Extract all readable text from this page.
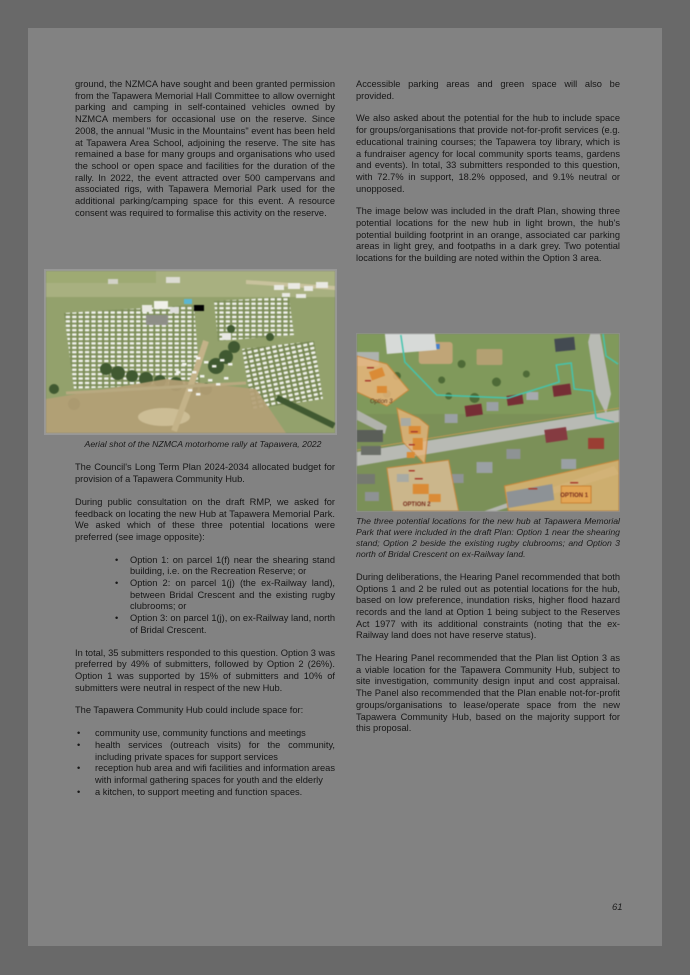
ground, the NZMCA have sought and been granted permission from the Tapawera Memorial Hall Committee to allow overnight parking and camping in self-contained vehicles owned by NZMCA members for occasional use on the reserve. Since 2008, the annual "Music in the Mountains" event has been held at Tapawera Area School, adjoining the reserve. The site has remained a base for many groups and organisations who used the school or open space and facilities for the duration of the rally. In 2022, the event attracted over 500 campervans and associated rigs, with Tapawera Memorial Park used for the additional parking/camping space for this event. A resource consent was required to formalise this activity on the reserve.

Aerial shot of the NZMCA motorhome rally at Tapawera, 2022

The Council's Long Term Plan 2024-2034 allocated budget for provision of a Tapawera Community Hub.

During public consultation on the draft RMP, we asked for feedback on locating the new Hub at Tapawera Memorial Park. We asked which of these three potential locations were preferred (see image opposite):

• Option 1: on parcel 1(f) near the shearing stand building, i.e. on the Recreation Reserve; or
• Option 2: on parcel 1(j) (the ex-Railway land), between Bridal Crescent and the existing rugby clubrooms; or
• Option 3: on parcel 1(j), on ex-Railway land, north of Bridal Crescent.

In total, 35 submitters responded to this question. Option 3 was preferred by 49% of submitters, followed by Option 2 (26%). Option 1 was supported by 15% of submitters and 10% of submitters were neutral in respect of the new Hub.

The Tapawera Community Hub could include space for:

• community use, community functions and meetings
• health services (outreach visits) for the community, including private spaces for support services
• reception hub area and wifi facilities and information areas with informal gathering spaces for youth and the elderly
• a kitchen, to support meeting and function spaces.

Accessible parking areas and green space will also be provided.

We also asked about the potential for the hub to include space for groups/organisations that provide not-for-profit services (e.g. educational training courses; the Tapawera toy library, which is a fundraiser agency for local community sports teams, gardens and events). In total, 33 submitters responded to this question, with 72.7% in support, 18.2% opposed, and 9.1% neutral or unopposed.

The image below was included in the draft Plan, showing three potential locations for the new hub in light brown, the hub's potential building footprint in an orange, associated car parking areas in light grey, and footpaths in a dark grey. Two potential locations for the building are noted within the Option 3 area.

Option 3
OPTION 2
OPTION 1
The three potential locations for the new hub at Tapawera Memorial Park that were included in the draft Plan: Option 1 near the shearing stand; Option 2 beside the existing rugby clubrooms; and Option 3 north of Bridal Crescent on ex-Railway land.

During deliberations, the Hearing Panel recommended that both Options 1 and 2 be ruled out as potential locations for the hub, based on low preference, inundation risks, higher flood hazard records and the land at Option 1 being subject to the Reserves Act 1977 with its additional constraints (noting that the ex-Railway land does not have reserve status).

The Hearing Panel recommended that the Plan list Option 3 as a viable location for the Tapawera Community Hub, subject to site investigation, community design input and cost appraisal. The Panel also recommended that the Plan enable not-for-profit groups/organisations to lease/operate space from the new Tapawera Community Hub, based on the majority support for this proposal.

61
